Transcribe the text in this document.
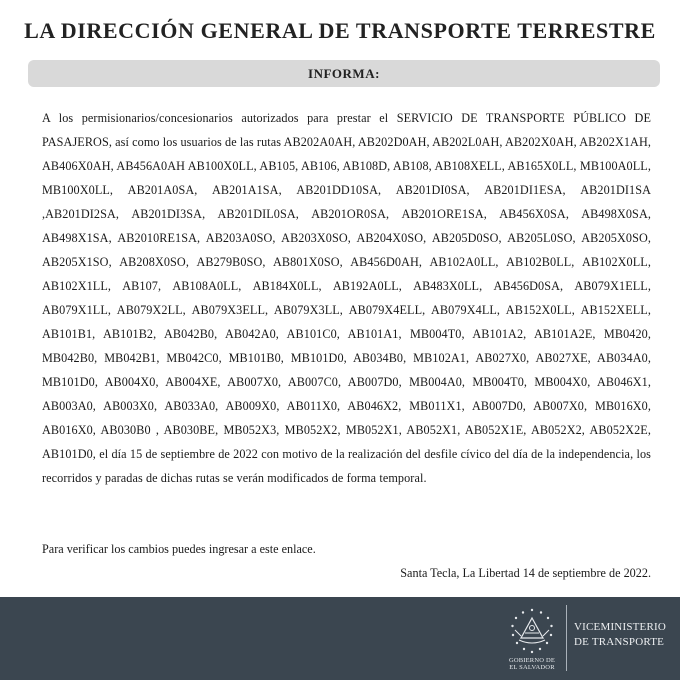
LA DIRECCIÓN GENERAL DE TRANSPORTE TERRESTRE
INFORMA:
A los permisionarios/concesionarios autorizados para prestar el SERVICIO DE TRANSPORTE PÚBLICO DE PASAJEROS, así como los usuarios de las rutas AB202A0AH, AB202D0AH, AB202L0AH, AB202X0AH, AB202X1AH, AB406X0AH, AB456A0AH AB100X0LL, AB105, AB106, AB108D, AB108, AB108XELL, AB165X0LL, MB100A0LL, MB100X0LL, AB201A0SA, AB201A1SA, AB201DD10SA, AB201DI0SA, AB201DI1ESA, AB201DI1SA ,AB201DI2SA, AB201DI3SA, AB201DIL0SA, AB201OR0SA, AB201ORE1SA, AB456X0SA, AB498X0SA, AB498X1SA, AB2010RE1SA, AB203A0SO, AB203X0SO, AB204X0SO, AB205D0SO, AB205L0SO, AB205X0SO, AB205X1SO, AB208X0SO, AB279B0SO, AB801X0SO, AB456D0AH, AB102A0LL, AB102B0LL, AB102X0LL, AB102X1LL, AB107, AB108A0LL, AB184X0LL, AB192A0LL, AB483X0LL, AB456D0SA, AB079X1ELL, AB079X1LL, AB079X2LL, AB079X3ELL, AB079X3LL, AB079X4ELL, AB079X4LL, AB152X0LL, AB152XELL, AB101B1, AB101B2, AB042B0, AB042A0, AB101C0, AB101A1, MB004T0, AB101A2, AB101A2E, MB0420, MB042B0, MB042B1, MB042C0, MB101B0, MB101D0, AB034B0, MB102A1, AB027X0, AB027XE, AB034A0, MB101D0, AB004X0, AB004XE, AB007X0, AB007C0, AB007D0, MB004A0, MB004T0, MB004X0, AB046X1, AB003A0, AB003X0, AB033A0, AB009X0, AB011X0, AB046X2, MB011X1, AB007D0, AB007X0, MB016X0, AB016X0, AB030B0 , AB030BE, MB052X3, MB052X2, MB052X1, AB052X1, AB052X1E, AB052X2, AB052X2E, AB101D0, el día 15 de septiembre de 2022 con motivo de la realización del desfile cívico del día de la independencia, los recorridos y paradas de dichas rutas se verán modificados de forma temporal.
Para verificar los cambios puedes ingresar a este enlace.
Santa Tecla, La Libertad 14 de septiembre de 2022.
GOBIERNO DE
EL SALVADOR
VICEMINISTERIO
DE TRANSPORTE
